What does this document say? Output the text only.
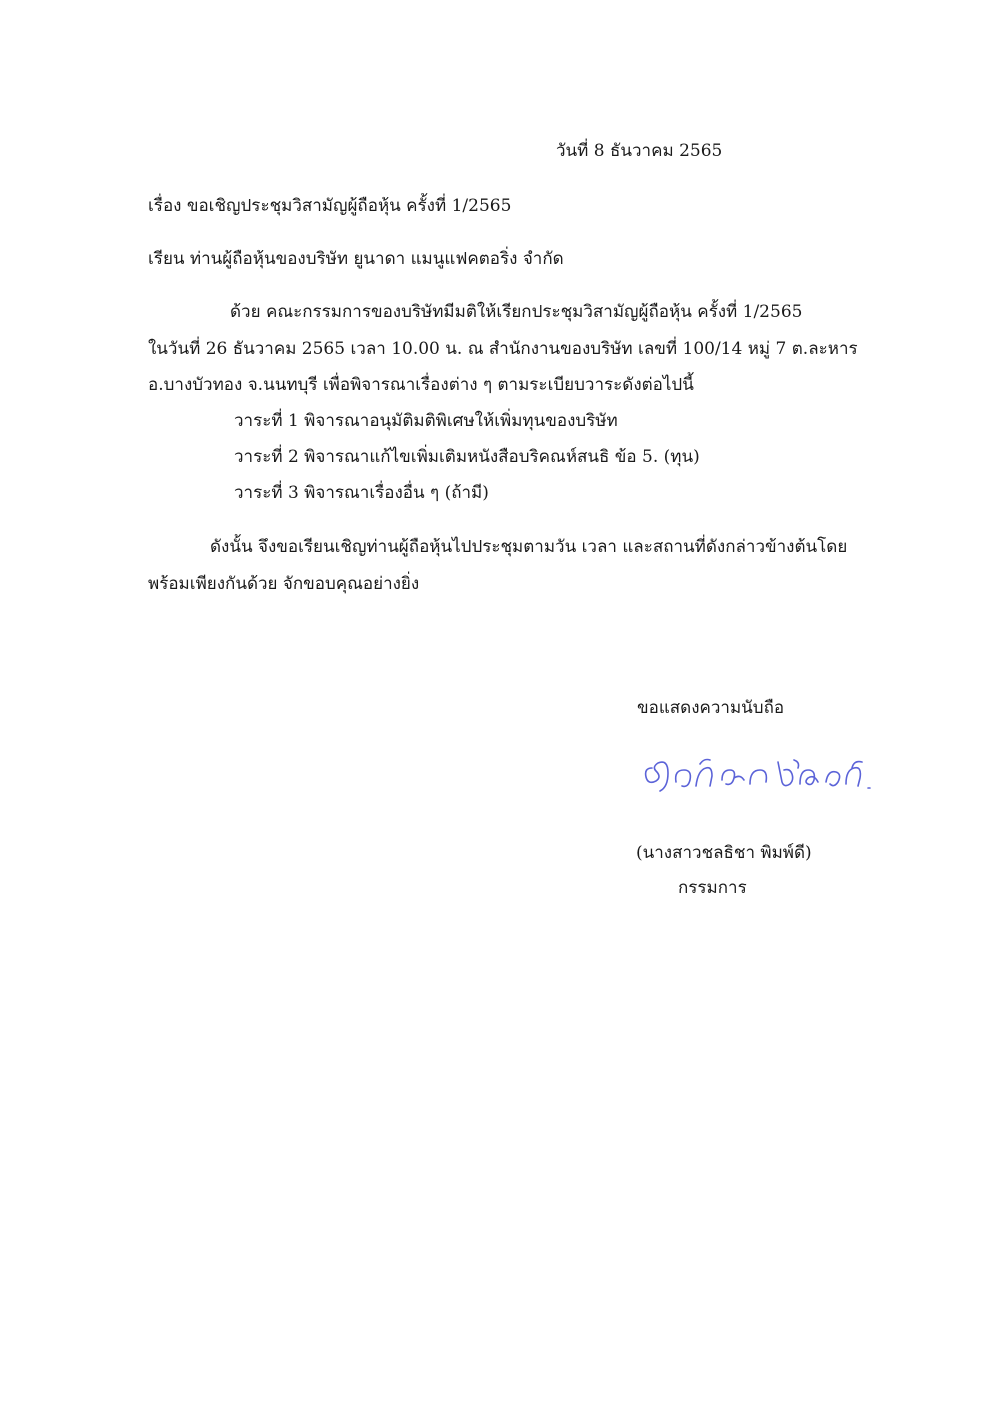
วันที่ 8 ธันวาคม 2565
เรื่อง ขอเชิญประชุมวิสามัญผู้ถือหุ้น ครั้งที่ 1/2565
เรียน ท่านผู้ถือหุ้นของบริษัท ยูนาดา แมนูแฟคตอริ่ง จำกัด
ด้วย คณะกรรมการของบริษัทมีมติให้เรียกประชุมวิสามัญผู้ถือหุ้น ครั้งที่ 1/2565
ในวันที่ 26 ธันวาคม 2565 เวลา 10.00 น. ณ สำนักงานของบริษัท เลขที่ 100/14 หมู่ 7 ต.ละหาร
อ.บางบัวทอง จ.นนทบุรี เพื่อพิจารณาเรื่องต่าง ๆ ตามระเบียบวาระดังต่อไปนี้
วาระที่ 1 พิจารณาอนุมัติมติพิเศษให้เพิ่มทุนของบริษัท
วาระที่ 2 พิจารณาแก้ไขเพิ่มเติมหนังสือบริคณห์สนธิ ข้อ 5. (ทุน)
วาระที่ 3 พิจารณาเรื่องอื่น ๆ (ถ้ามี)
ดังนั้น จึงขอเรียนเชิญท่านผู้ถือหุ้นไปประชุมตามวัน เวลา และสถานที่ดังกล่าวข้างต้นโดย
พร้อมเพียงกันด้วย จักขอบคุณอย่างยิ่ง
ขอแสดงความนับถือ
(นางสาวชลธิชา พิมพ์ดี)
กรรมการ
